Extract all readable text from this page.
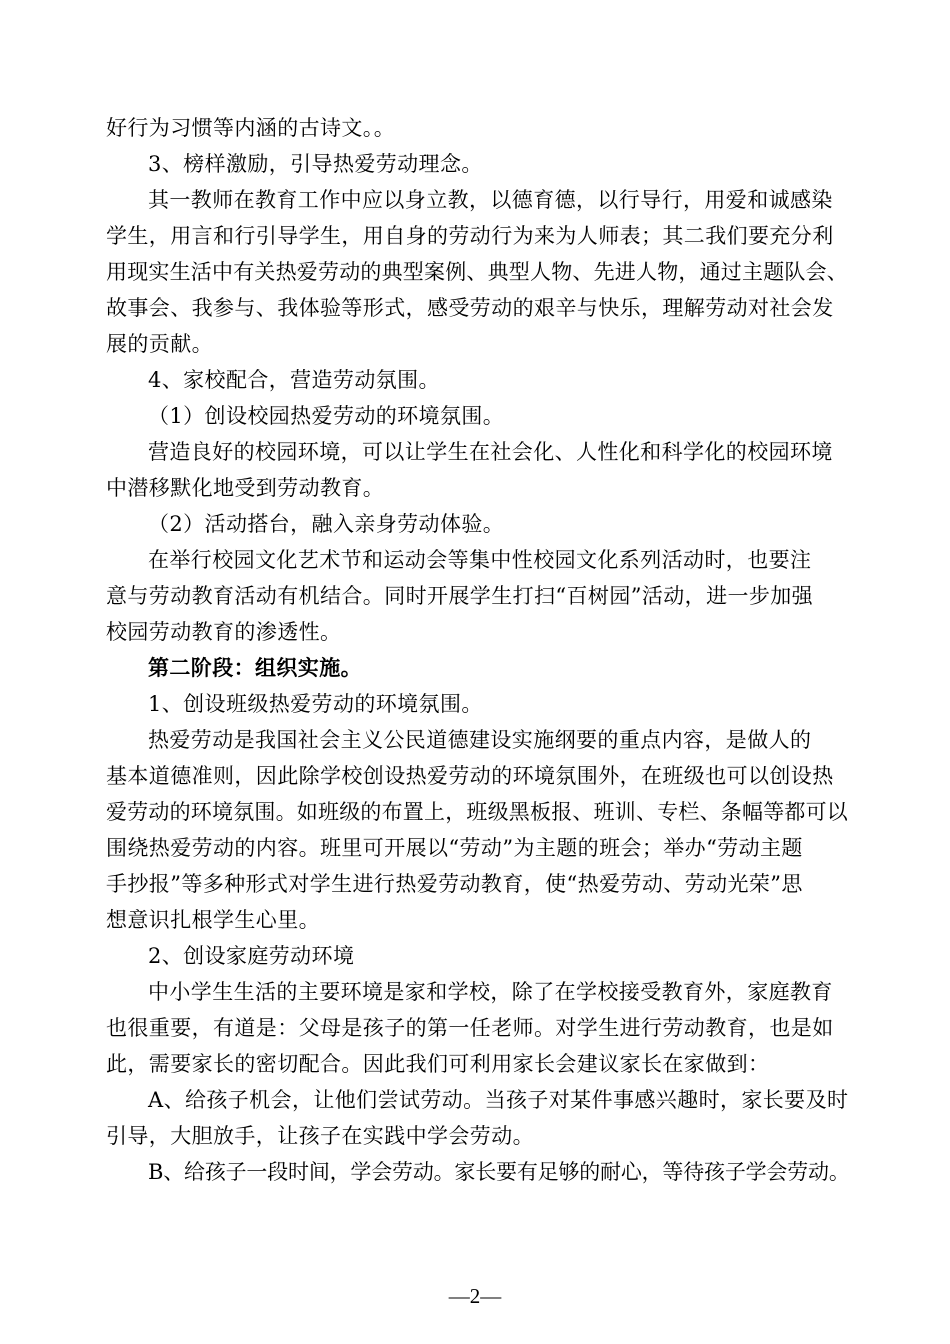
好行为习惯等内涵的古诗文。。
3、榜样激励，引导热爱劳动理念。
其一教师在教育工作中应以身立教，以德育德，以行导行，用爱和诚感染
学生，用言和行引导学生，用自身的劳动行为来为人师表；其二我们要充分利
用现实生活中有关热爱劳动的典型案例、典型人物、先进人物，通过主题队会、
故事会、我参与、我体验等形式，感受劳动的艰辛与快乐，理解劳动对社会发
展的贡献。
4、家校配合，营造劳动氛围。
（1）创设校园热爱劳动的环境氛围。
营造良好的校园环境，可以让学生在社会化、人性化和科学化的校园环境
中潜移默化地受到劳动教育。
（2）活动搭台，融入亲身劳动体验。
在举行校园文化艺术节和运动会等集中性校园文化系列活动时，也要注
意与劳动教育活动有机结合。同时开展学生打扫“百树园”活动，进一步加强
校园劳动教育的渗透性。
第二阶段：组织实施。
1、创设班级热爱劳动的环境氛围。
热爱劳动是我国社会主义公民道德建设实施纲要的重点内容，是做人的
基本道德准则，因此除学校创设热爱劳动的环境氛围外，在班级也可以创设热
爱劳动的环境氛围。如班级的布置上，班级黑板报、班训、专栏、条幅等都可以
围绕热爱劳动的内容。班里可开展以“劳动”为主题的班会；举办“劳动主题
手抄报”等多种形式对学生进行热爱劳动教育，使“热爱劳动、劳动光荣”思
想意识扎根学生心里。
2、创设家庭劳动环境
中小学生生活的主要环境是家和学校，除了在学校接受教育外，家庭教育
也很重要，有道是：父母是孩子的第一任老师。对学生进行劳动教育，也是如
此，需要家长的密切配合。因此我们可利用家长会建议家长在家做到：
A、给孩子机会，让他们尝试劳动。当孩子对某件事感兴趣时，家长要及时
引导，大胆放手，让孩子在实践中学会劳动。
B、给孩子一段时间，学会劳动。家长要有足够的耐心，等待孩子学会劳动。
—2—
